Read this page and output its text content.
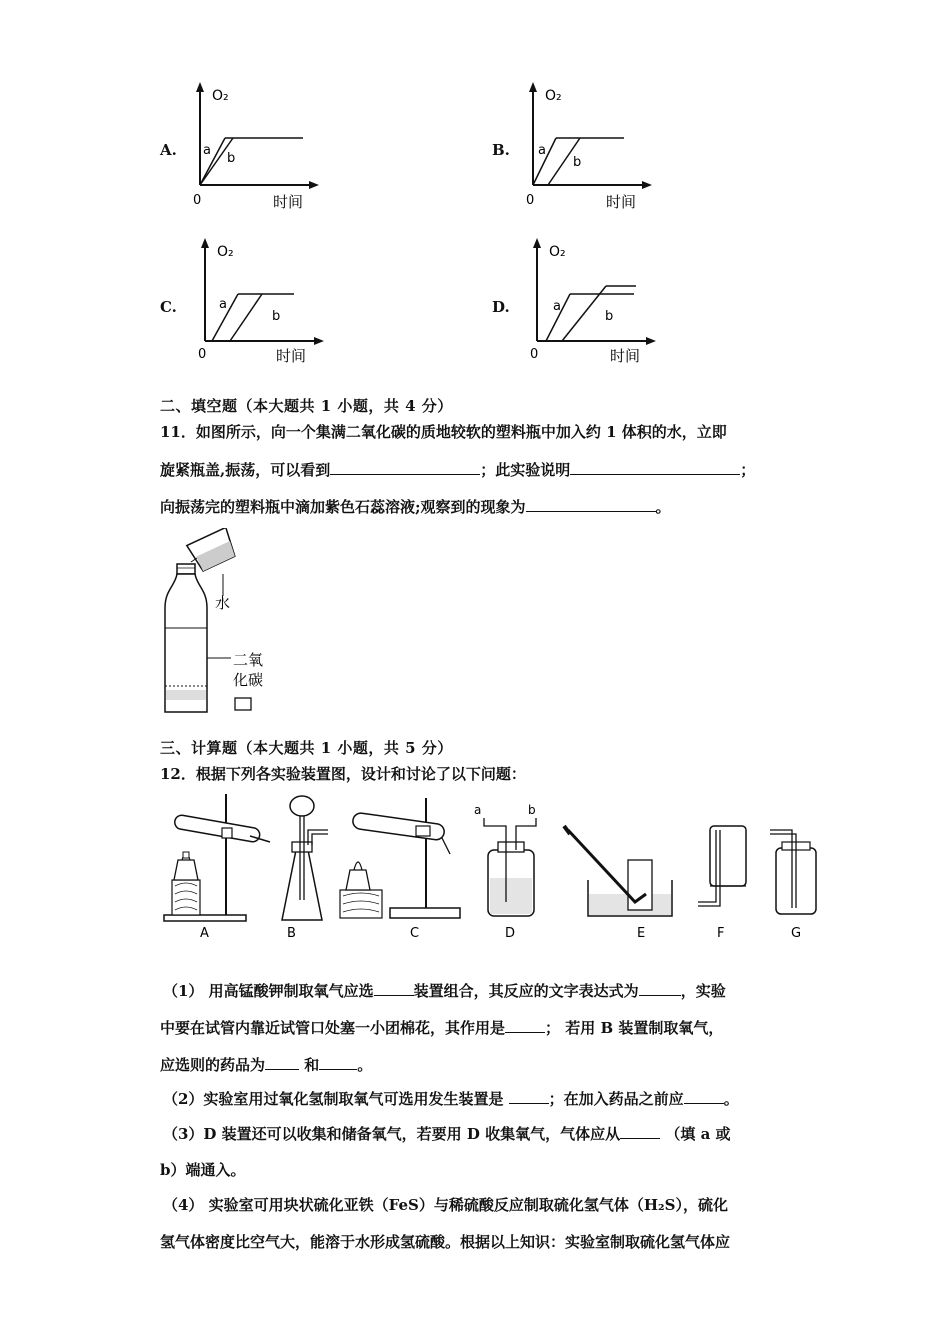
A.	B.
C.	D.
O₂
a
b
0	时间
O₂
a
b
0	时间
O₂
a
b
0	时间
O₂
a
b
0	时间
二、填空题（本大题共 1 小题，共 4 分）
11．如图所示，向一个集满二氧化碳的质地较软的塑料瓶中加入约 1 体积的水，立即
旋紧瓶盖,振荡，可以看到	；此实验说明	；
向振荡完的塑料瓶中滴加紫色石蕊溶液;观察到的现象为	。
水
二氧
化碳
三、计算题（本大题共 1 小题，共 5 分）
12．根据下列各实验装置图，设计和讨论了以下问题：
a	b
A	B	C	D	E	F	G
（1） 用高锰酸钾制取氧气应选	装置组合，其反应的文字表达式为	，实验
中要在试管内靠近试管口处塞一小团棉花，其作用是	； 若用 B 装置制取氧气，
应选则的药品为 和	。
（2）实验室用过氧化氢制取氧气可选用发生装置是	；在加入药品之前应	。
（3）D 装置还可以收集和储备氧气，若要用 D 收集氧气，气体应从	（填 a 或
b）端通入。
（4） 实验室可用块状硫化亚铁（FeS）与稀硫酸反应制取硫化氢气体（H₂S），硫化
氢气体密度比空气大，能溶于水形成氢硫酸。根据以上知识：实验室制取硫化氢气体应
